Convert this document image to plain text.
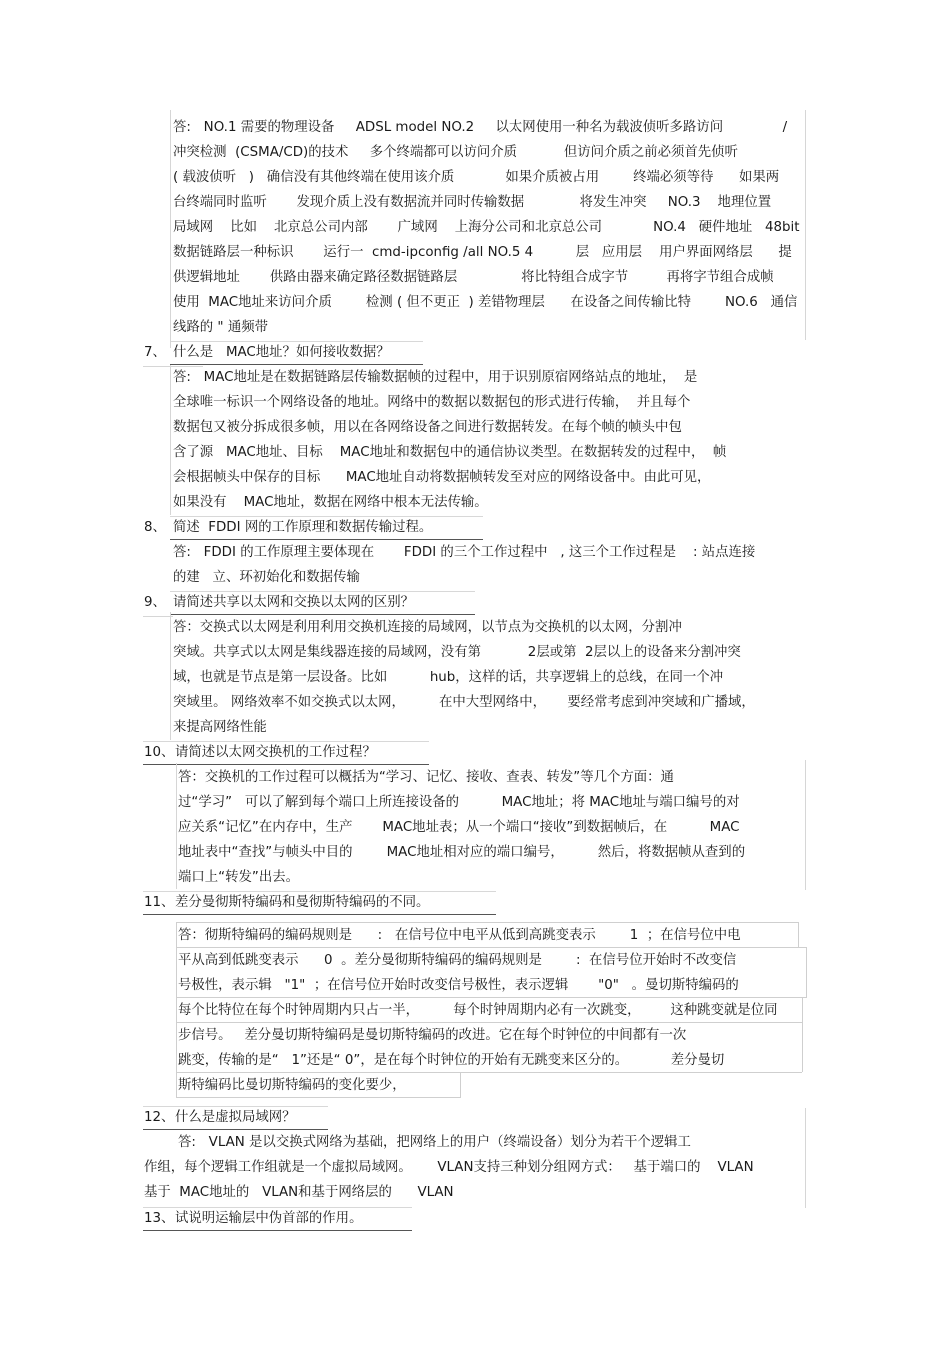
答:   NO.1 需要的物理设备     ADSL model NO.2     以太网使用一种名为载波侦听多路访问              /
冲突检测  (CSMA/CD)的技术     多个终端都可以访问介质           但访问介质之前必须首先侦听
( 载波侦听   )   确信没有其他终端在使用该介质            如果介质被占用        终端必须等待      如果两
台终端同时监听       发现介质上没有数据流并同时传输数据             将发生冲突     NO.3    地理位置
局域网    比如    北京总公司内部       广域网    上海分公司和北京总公司            NO.4   硬件地址   48bit
数据链路层一种标识       运行一  cmd-ipconfig /all NO.5 4          层   应用层    用户界面网络层      提
供逻辑地址       供路由器来确定路径数据链路层               将比特组合成字节         再将字节组合成帧
使用  MAC地址来访问介质        检测 ( 但不更正  ) 差错物理层      在设备之间传输比特        NO.6   通信
线路的 " 通频带
7、 什么是   MAC地址？如何接收数据？
答:   MAC地址是在数据链路层传输数据帧的过程中，用于识别原宿网络站点的地址，  是
全球唯一标识一个网络设备的地址。网络中的数据以数据包的形式进行传输，  并且每个
数据包又被分拆成很多帧，用以在各网络设备之间进行数据转发。在每个帧的帧头中包
含了源   MAC地址、目标    MAC地址和数据包中的通信协议类型。在数据转发的过程中，  帧
会根据帧头中保存的目标      MAC地址自动将数据帧转发至对应的网络设备中。由此可见，
如果没有    MAC地址，数据在网络中根本无法传输。
8、 简述  FDDI 网的工作原理和数据传输过程。
答:   FDDI 的工作原理主要体现在       FDDI 的三个工作过程中   , 这三个工作过程是    : 站点连接
的建   立、环初始化和数据传输
9、 请简述共享以太网和交换以太网的区别？
答：交换式以太网是利用利用交换机连接的局域网，以节点为交换机的以太网，分割冲
突域。共享式以太网是集线器连接的局域网，没有第           2层或第  2层以上的设备来分割冲突
域，也就是节点是第一层设备。比如          hub，这样的话，共享逻辑上的总线，在同一个冲
突域里。 网络效率不如交换式以太网，        在中大型网络中，     要经常考虑到冲突域和广播域，
来提高网络性能
10、 请简述以太网交换机的工作过程？
答：交换机的工作过程可以概括为“学习、记忆、接收、查表、转发”等几个方面：通
过“学习”   可以了解到每个端口上所连接设备的          MAC地址；将 MAC地址与端口编号的对
应关系“记忆”在内存中，生产       MAC地址表；从一个端口“接收”到数据帧后，在          MAC
地址表中“查找”与帧头中目的        MAC地址相对应的端口编号，        然后，将数据帧从查到的
端口上“转发”出去。
11、 差分曼彻斯特编码和曼彻斯特编码的不同。
答：彻斯特编码的编码规则是      :   在信号位中电平从低到高跳变表示        1  ；在信号位中电
平从高到低跳变表示      0  。差分曼彻斯特编码的编码规则是        :  在信号位开始时不改变信
号极性，表示辑   "1"  ；在信号位开始时改变信号极性，表示逻辑       "0"   。曼切斯特编码的
每个比特位在每个时钟周期内只占一半，        每个时钟周期内必有一次跳变，       这种跳变就是位同
步信号。   差分曼切斯特编码是曼切斯特编码的改进。它在每个时钟位的中间都有一次
跳变，传输的是“   1”还是“ 0”，是在每个时钟位的开始有无跳变来区分的。          差分曼切
斯特编码比曼切斯特编码的变化要少，
12、 什么是虚拟局域网？
答:   VLAN 是以交换式网络为基础，把网络上的用户（终端设备）划分为若干个逻辑工
作组，每个逻辑工作组就是一个虚拟局域网。      VLAN支持三种划分组网方式：   基于端口的    VLAN
基于  MAC地址的   VLAN和基于网络层的      VLAN
13、 试说明运输层中伪首部的作用。
